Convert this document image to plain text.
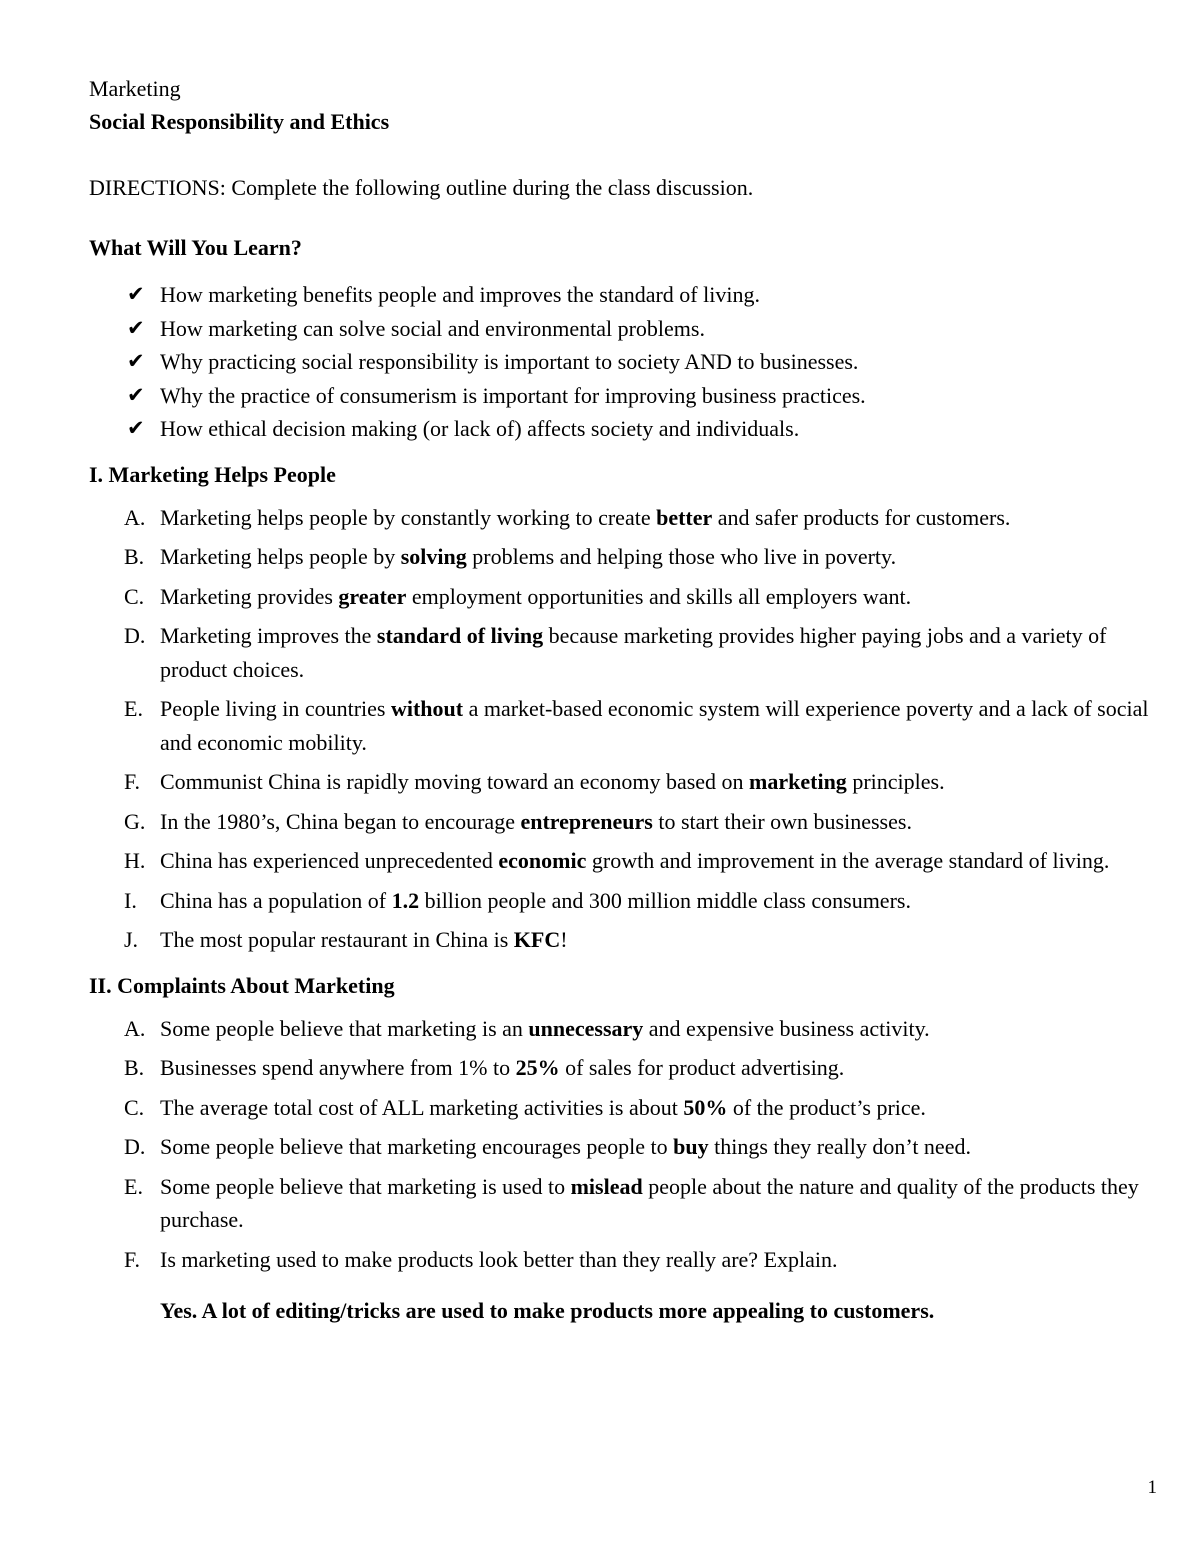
Marketing
Social Responsibility and Ethics
DIRECTIONS: Complete the following outline during the class discussion.
What Will You Learn?
✔ How marketing benefits people and improves the standard of living.
✔ How marketing can solve social and environmental problems.
✔ Why practicing social responsibility is important to society AND to businesses.
✔ Why the practice of consumerism is important for improving business practices.
✔ How ethical decision making (or lack of) affects society and individuals.
I. Marketing Helps People
A. Marketing helps people by constantly working to create better and safer products for customers.
B. Marketing helps people by solving problems and helping those who live in poverty.
C. Marketing provides greater employment opportunities and skills all employers want.
D. Marketing improves the standard of living because marketing provides higher paying jobs and a variety of product choices.
E. People living in countries without a market-based economic system will experience poverty and a lack of social and economic mobility.
F. Communist China is rapidly moving toward an economy based on marketing principles.
G. In the 1980’s, China began to encourage entrepreneurs to start their own businesses.
H. China has experienced unprecedented economic growth and improvement in the average standard of living.
I. China has a population of 1.2 billion people and 300 million middle class consumers.
J. The most popular restaurant in China is KFC!
II. Complaints About Marketing
A. Some people believe that marketing is an unnecessary and expensive business activity.
B. Businesses spend anywhere from 1% to 25% of sales for product advertising.
C. The average total cost of ALL marketing activities is about 50% of the product’s price.
D. Some people believe that marketing encourages people to buy things they really don’t need.
E. Some people believe that marketing is used to mislead people about the nature and quality of the products they purchase.
F. Is marketing used to make products look better than they really are? Explain.
Yes. A lot of editing/tricks are used to make products more appealing to customers.
1
